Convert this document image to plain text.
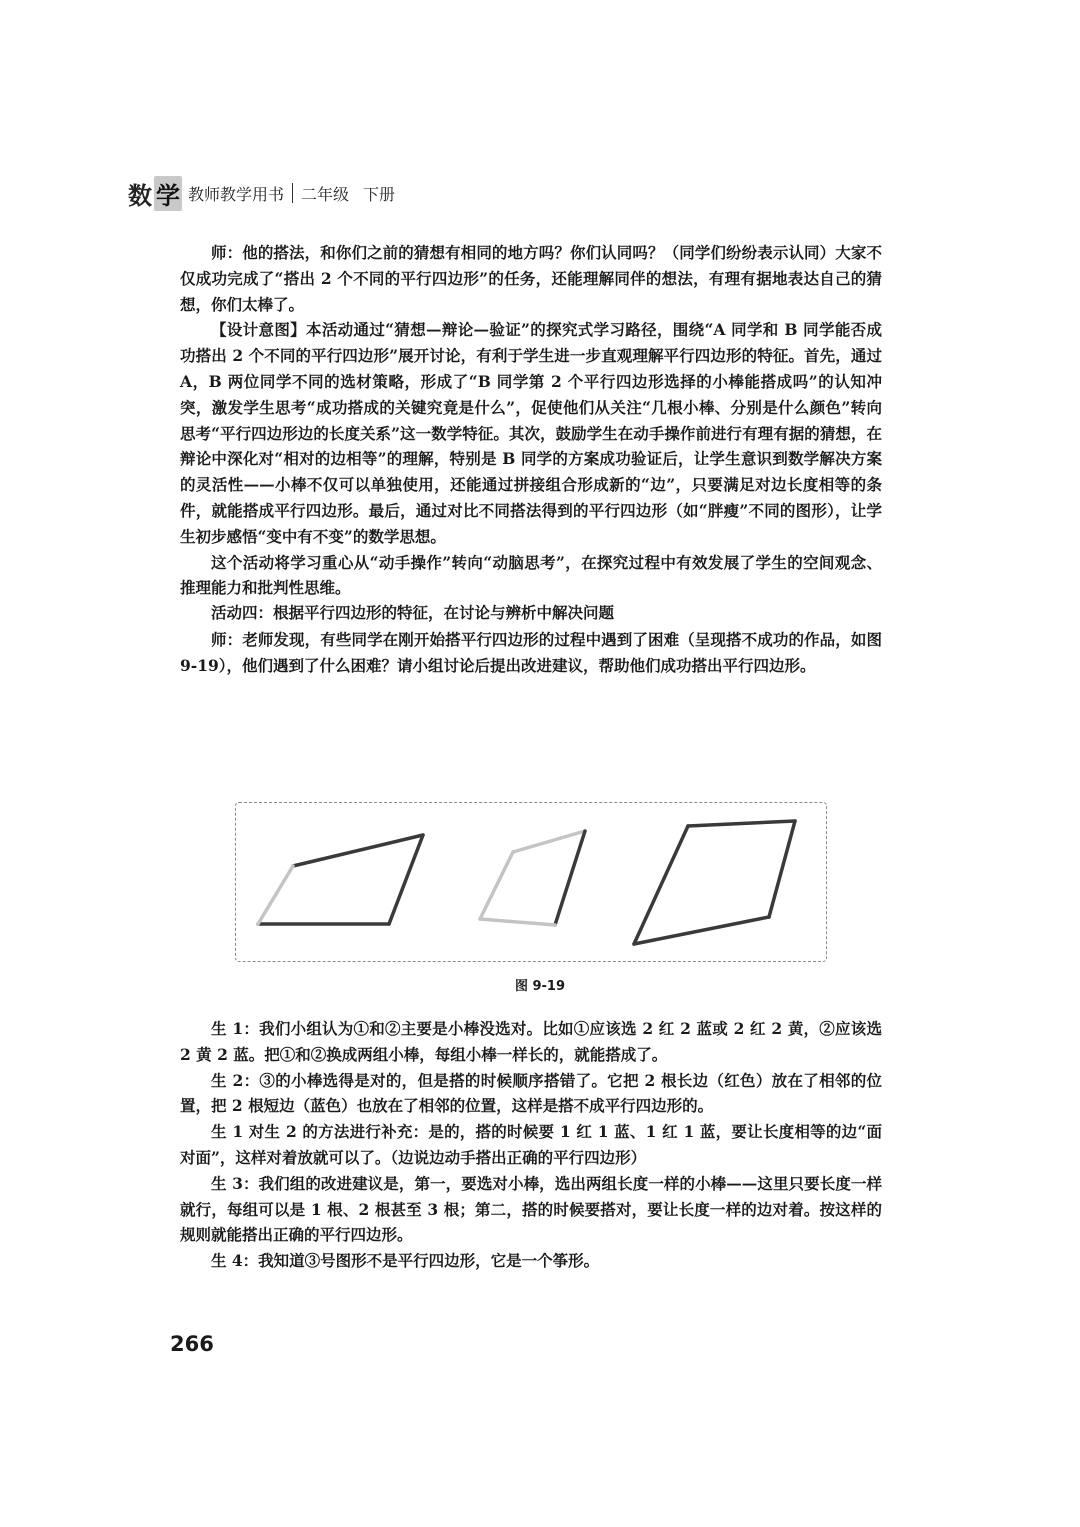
数 学 教师教学用书 二年级 下册

师：他的搭法，和你们之前的猜想有相同的地方吗？你们认同吗？（同学们纷纷表示认同）大家不仅成功完成了“搭出 2 个不同的平行四边形”的任务，还能理解同伴的想法，有理有据地表达自己的猜想，你们太棒了。

【设计意图】本活动通过“猜想—辩论—验证”的探究式学习路径，围绕“A 同学和 B 同学能否成功搭出 2 个不同的平行四边形”展开讨论，有利于学生进一步直观理解平行四边形的特征。首先，通过 A，B 两位同学不同的选材策略，形成了“B 同学第 2 个平行四边形选择的小棒能搭成吗”的认知冲突，激发学生思考“成功搭成的关键究竟是什么”，促使他们从关注“几根小棒、分别是什么颜色”转向思考“平行四边形边的长度关系”这一数学特征。其次，鼓励学生在动手操作前进行有理有据的猜想，在辩论中深化对“相对的边相等”的理解，特别是 B 同学的方案成功验证后，让学生意识到数学解决方案的灵活性——小棒不仅可以单独使用，还能通过拼接组合形成新的“边”，只要满足对边长度相等的条件，就能搭成平行四边形。最后，通过对比不同搭法得到的平行四边形（如“胖瘦”不同的图形），让学生初步感悟“变中有不变”的数学思想。

这个活动将学习重心从“动手操作”转向“动脑思考”，在探究过程中有效发展了学生的空间观念、推理能力和批判性思维。

活动四：根据平行四边形的特征，在讨论与辨析中解决问题

师：老师发现，有些同学在刚开始搭平行四边形的过程中遇到了困难（呈现搭不成功的作品，如图 9-19），他们遇到了什么困难？请小组讨论后提出改进建议，帮助他们成功搭出平行四边形。

图 9-19

生 1：我们小组认为①和②主要是小棒没选对。比如①应该选 2 红 2 蓝或 2 红 2 黄，②应该选 2 黄 2 蓝。把①和②换成两组小棒，每组小棒一样长的，就能搭成了。

生 2：③的小棒选得是对的，但是搭的时候顺序搭错了。它把 2 根长边（红色）放在了相邻的位置，把 2 根短边（蓝色）也放在了相邻的位置，这样是搭不成平行四边形的。

生 1 对生 2 的方法进行补充：是的，搭的时候要 1 红 1 蓝、1 红 1 蓝，要让长度相等的边“面对面”，这样对着放就可以了。（边说边动手搭出正确的平行四边形）

生 3：我们组的改进建议是，第一，要选对小棒，选出两组长度一样的小棒——这里只要长度一样就行，每组可以是 1 根、2 根甚至 3 根；第二，搭的时候要搭对，要让长度一样的边对着。按这样的规则就能搭出正确的平行四边形。

生 4：我知道③号图形不是平行四边形，它是一个筝形。

266
